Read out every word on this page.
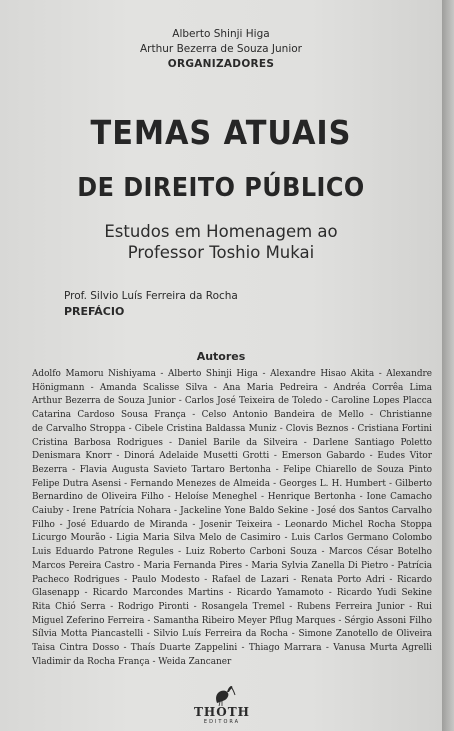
Alberto Shinji Higa
Arthur Bezerra de Souza Junior
ORGANIZADORES
TEMAS ATUAIS
DE DIREITO PÚBLICO
Estudos em Homenagem ao
Professor Toshio Mukai
Prof. Silvio Luís Ferreira da Rocha
PREFÁCIO
Autores
Adolfo Mamoru Nishiyama - Alberto Shinji Higa - Alexandre Hisao Akita - Alexandre
Hönigmann - Amanda Scalisse Silva - Ana Maria Pedreira - Andréa Corrêa Lima
Arthur Bezerra de Souza Junior - Carlos José Teixeira de Toledo - Caroline Lopes Placca
Catarina Cardoso Sousa França - Celso Antonio Bandeira de Mello - Christianne
de Carvalho Stroppa - Cibele Cristina Baldassa Muniz - Clovis Beznos - Cristiana Fortini
Cristina Barbosa Rodrigues - Daniel Barile da Silveira - Darlene Santiago Poletto
Denismara Knorr - Dinorá Adelaide Musetti Grotti - Emerson Gabardo - Eudes Vitor
Bezerra - Flavia Augusta Savieto Tartaro Bertonha - Felipe Chiarello de Souza Pinto
Felipe Dutra Asensi - Fernando Menezes de Almeida - Georges L. H. Humbert - Gilberto
Bernardino de Oliveira Filho - Heloíse Meneghel - Henrique Bertonha - Ione Camacho
Caiuby - Irene Patrícia Nohara - Jackeline Yone Baldo Sekine - José dos Santos Carvalho
Filho - José Eduardo de Miranda - Josenir Teixeira - Leonardo Michel Rocha Stoppa
Licurgo Mourão - Ligia Maria Silva Melo de Casimiro - Luis Carlos Germano Colombo
Luis Eduardo Patrone Regules - Luiz Roberto Carboni Souza - Marcos César Botelho
Marcos Pereira Castro - Maria Fernanda Pires - Maria Sylvia Zanella Di Pietro - Patrícia
Pacheco Rodrigues - Paulo Modesto - Rafael de Lazari - Renata Porto Adri - Ricardo
Glasenapp - Ricardo Marcondes Martins - Ricardo Yamamoto - Ricardo Yudi Sekine
Rita Chió Serra - Rodrigo Pironti - Rosangela Tremel - Rubens Ferreira Junior - Rui
Miguel Zeferino Ferreira - Samantha Ribeiro Meyer Pflug Marques - Sérgio Assoni Filho
Sílvia Motta Piancastelli - Silvio Luís Ferreira da Rocha - Simone Zanotello de Oliveira
Taisa Cintra Dosso - Thaís Duarte Zappelini - Thiago Marrara - Vanusa Murta Agrelli
Vladimir da Rocha França - Weida Zancaner
THOTH
EDITORA
